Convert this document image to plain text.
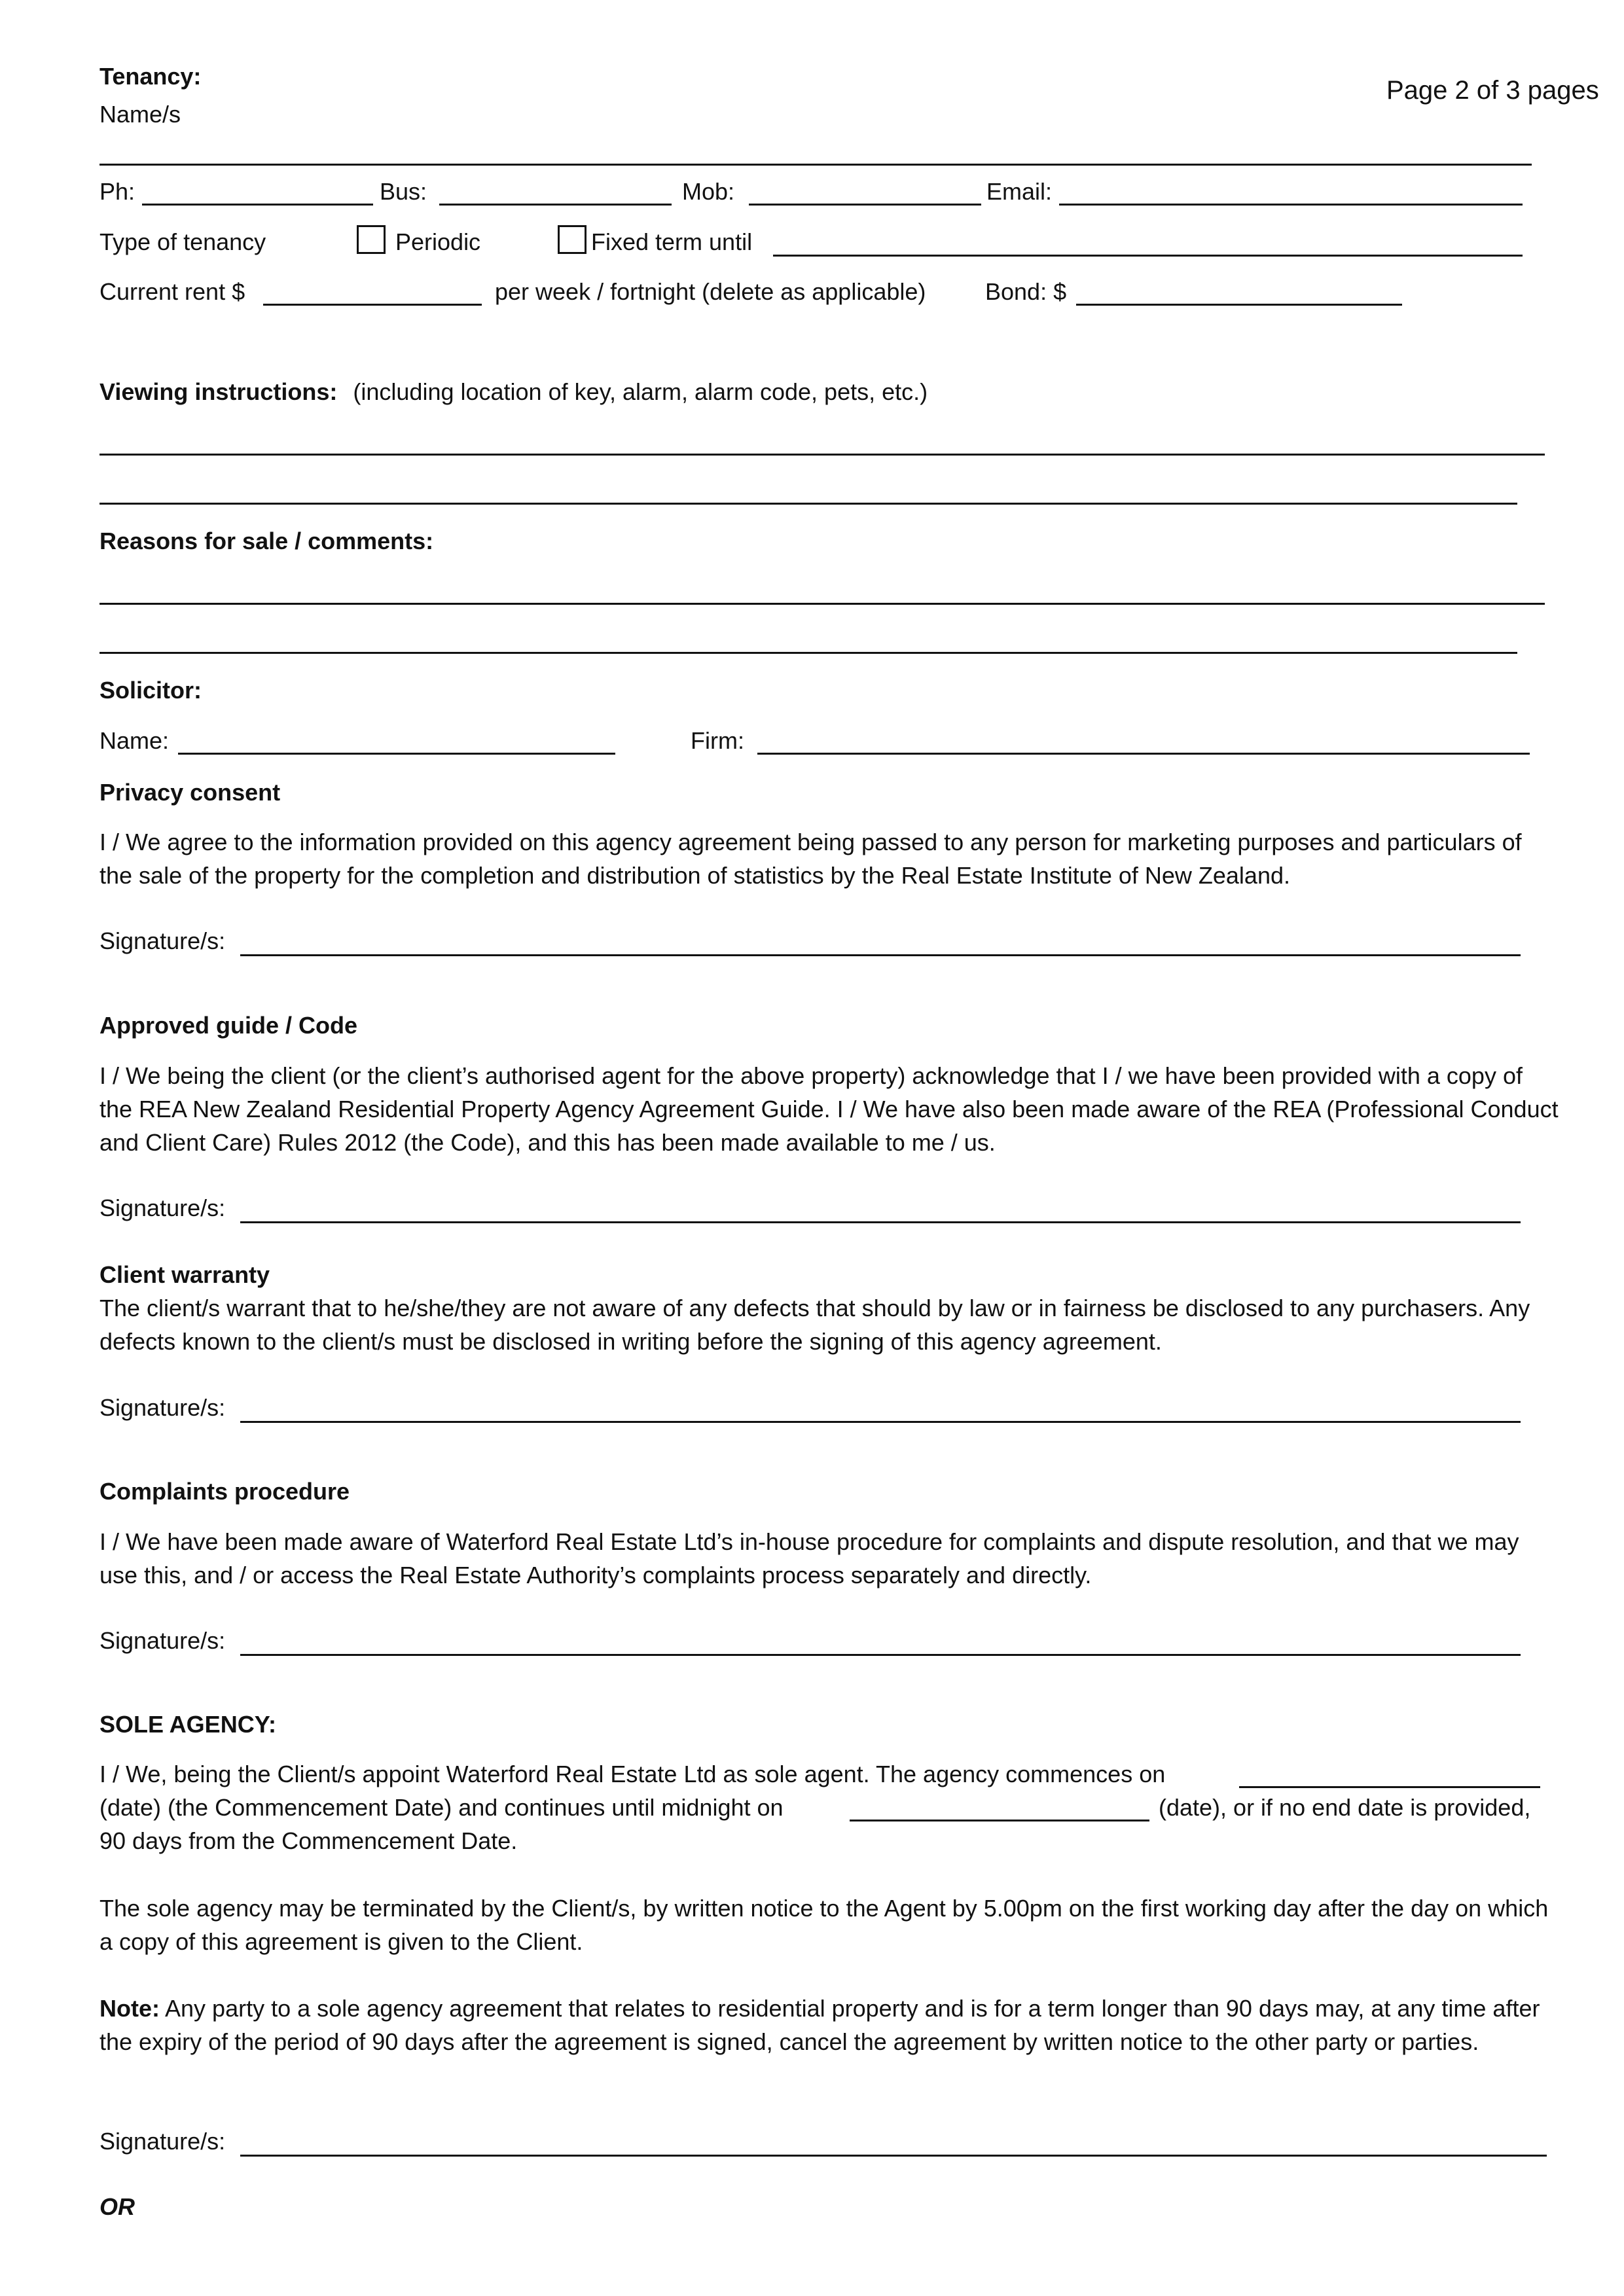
Tenancy:	Page 2 of 3 pages
Name/s
Ph:	Bus:	Mob:	Email:
Type of tenancy	Periodic	Fixed term until
Current rent $	per week / fortnight (delete as applicable)	Bond: $
Viewing instructions: (including location of key, alarm, alarm code, pets, etc.)
Reasons for sale / comments:
Solicitor:
Name:	Firm:
Privacy consent
I / We agree to the information provided on this agency agreement being passed to any person for marketing purposes and particulars of the sale of the property for the completion and distribution of statistics by the Real Estate Institute of New Zealand.
Signature/s:
Approved guide / Code
I / We being the client (or the client’s authorised agent for the above property) acknowledge that I / we have been provided with a copy of the REA New Zealand Residential Property Agency Agreement Guide. I / We have also been made aware of the REA (Professional Conduct and Client Care) Rules 2012 (the Code), and this has been made available to me / us.
Signature/s:
Client warranty
The client/s warrant that to he/she/they are not aware of any defects that should by law or in fairness be disclosed to any purchasers. Any defects known to the client/s must be disclosed in writing before the signing of this agency agreement.
Signature/s:
Complaints procedure
I / We have been made aware of Waterford Real Estate Ltd’s in-house procedure for complaints and dispute resolution, and that we may use this, and / or access the Real Estate Authority’s complaints process separately and directly.
Signature/s:
SOLE AGENCY:
I / We, being the Client/s appoint Waterford Real Estate Ltd as sole agent. The agency commences on
(date) (the Commencement Date) and continues until midnight on	(date), or if no end date is provided,
90 days from the Commencement Date.
The sole agency may be terminated by the Client/s, by written notice to the Agent by 5.00pm on the first working day after the day on which a copy of this agreement is given to the Client.
Note: Any party to a sole agency agreement that relates to residential property and is for a term longer than 90 days may, at any time after the expiry of the period of 90 days after the agreement is signed, cancel the agreement by written notice to the other party or parties.
Signature/s:
OR
